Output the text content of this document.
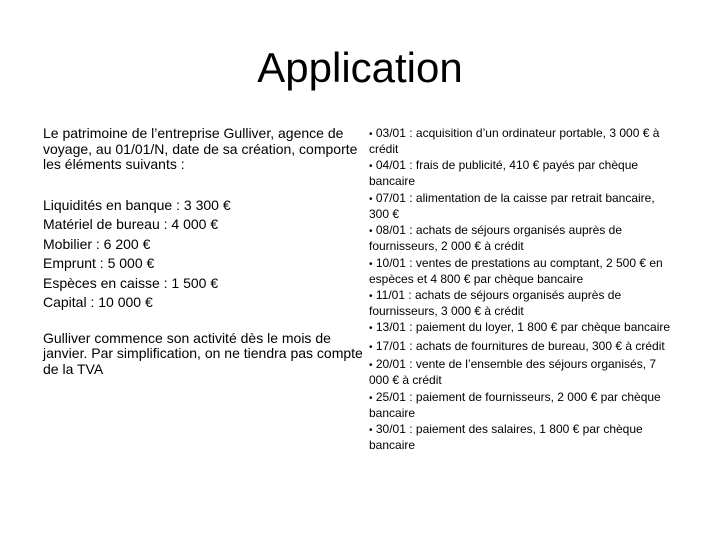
Application

Le patrimoine de l’entreprise Gulliver, agence de voyage, au 01/01/N, date de sa création, comporte les éléments suivants :

Liquidités en banque : 3 300 €
Matériel de bureau : 4 000 €
Mobilier : 6 200 €
Emprunt : 5 000 €
Espèces en caisse : 1 500 €
Capital : 10 000 €

Gulliver commence son activité dès le mois de janvier. Par simplification, on ne tiendra pas compte de la TVA

• 03/01 : acquisition d’un ordinateur portable, 3 000 € à crédit
• 04/01 : frais de publicité, 410 € payés par chèque bancaire
• 07/01 : alimentation de la caisse par retrait bancaire, 300 €
• 08/01 : achats de séjours organisés auprès de fournisseurs, 2 000 € à crédit
• 10/01 : ventes de prestations au comptant, 2 500 € en espèces et 4 800 € par chèque bancaire
• 11/01 : achats de séjours organisés auprès de fournisseurs, 3 000 € à crédit
• 13/01 : paiement du loyer, 1 800 € par chèque bancaire
• 17/01 : achats de fournitures de bureau, 300 € à crédit
• 20/01 : vente de l’ensemble des séjours organisés, 7 000 € à crédit
• 25/01 : paiement de fournisseurs, 2 000 € par chèque bancaire
• 30/01 : paiement des salaires, 1 800 € par chèque bancaire
